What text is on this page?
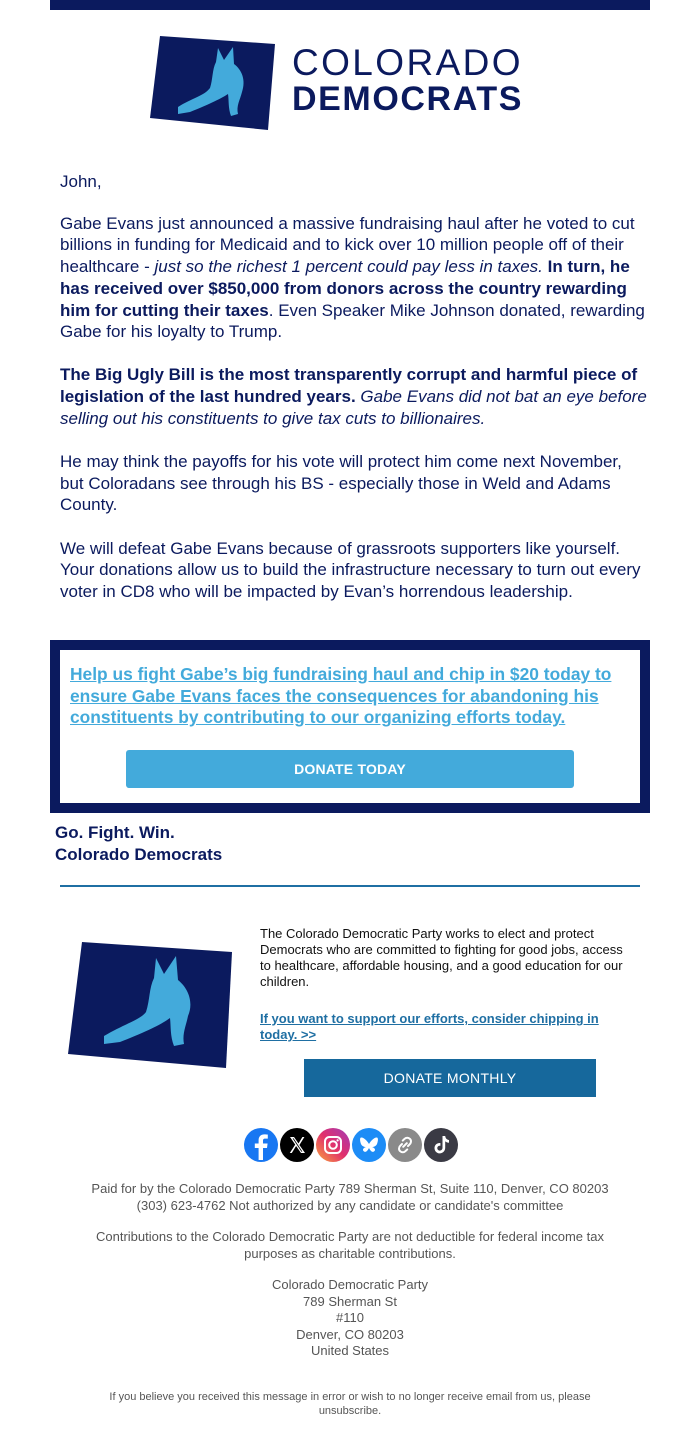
COLORADO
DEMOCRATS

John,

Gabe Evans just announced a massive fundraising haul after he voted to cut billions in funding for Medicaid and to kick over 10 million people off of their healthcare - just so the richest 1 percent could pay less in taxes. In turn, he has received over $850,000 from donors across the country rewarding him for cutting their taxes. Even Speaker Mike Johnson donated, rewarding Gabe for his loyalty to Trump.

The Big Ugly Bill is the most transparently corrupt and harmful piece of legislation of the last hundred years. Gabe Evans did not bat an eye before selling out his constituents to give tax cuts to billionaires.

He may think the payoffs for his vote will protect him come next November, but Coloradans see through his BS - especially those in Weld and Adams County.

We will defeat Gabe Evans because of grassroots supporters like yourself. Your donations allow us to build the infrastructure necessary to turn out every voter in CD8 who will be impacted by Evan’s horrendous leadership.

Help us fight Gabe’s big fundraising haul and chip in $20 today to ensure Gabe Evans faces the consequences for abandoning his constituents by contributing to our organizing efforts today.
DONATE TODAY
Go. Fight. Win.
Colorado Democrats
The Colorado Democratic Party works to elect and protect Democrats who are committed to fighting for good jobs, access to healthcare, affordable housing, and a good education for our children.
If you want to support our efforts, consider chipping in today. >>
DONATE MONTHLY
Paid for by the Colorado Democratic Party 789 Sherman St, Suite 110, Denver, CO 80203
(303) 623-4762 Not authorized by any candidate or candidate's committee
Contributions to the Colorado Democratic Party are not deductible for federal income tax
purposes as charitable contributions.
Colorado Democratic Party
789 Sherman St
#110
Denver, CO 80203
United States
If you believe you received this message in error or wish to no longer receive email from us, please
unsubscribe.
